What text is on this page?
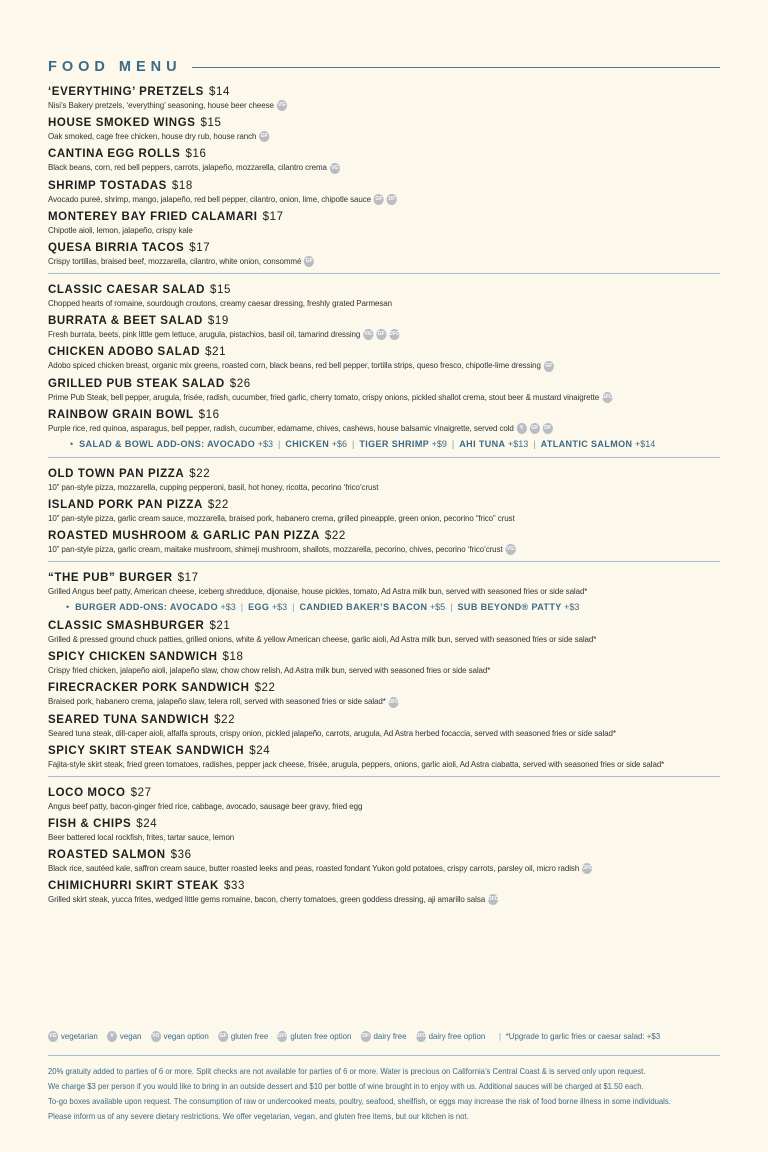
FOOD MENU
‘EVERYTHING’ PRETZELS $14
Nisi’s Bakery pretzels, ‘everything’ seasoning, house beer cheese VG
HOUSE SMOKED WINGS $15
Oak smoked, cage free chicken, house dry rub, house ranch GF
CANTINA EGG ROLLS $16
Black beans, corn, red bell peppers, carrots, jalapeño, mozzarella, cilantro crema VG
SHRIMP TOSTADAS $18
Avocado pureé, shrimp, mango, jalapeño, red bell pepper, cilantro, onion, lime, chipotle sauce GF DF
MONTEREY BAY FRIED CALAMARI $17
Chipotle aioli, lemon, jalapeño, crispy kale
QUESA BIRRIA TACOS $17
Crispy tortillas, braised beef, mozzarella, cilantro, white onion, consommé GF
CLASSIC CAESAR SALAD $15
Chopped hearts of romaine, sourdough croutons, creamy caesar dressing, freshly grated Parmesan
BURRATA & BEET SALAD $19
Fresh burrata, beets, pink little gem lettuce, arugula, pistachios, basil oil, tamarind dressing VG GF DFO
CHICKEN ADOBO SALAD $21
Adobo spiced chicken breast, organic mix greens, roasted corn, black beans, red bell pepper, tortilla strips, queso fresco, chipotle-lime dressing GF
GRILLED PUB STEAK SALAD $26
Prime Pub Steak, bell pepper, arugula, frisée, radish, cucumber, fried garlic, cherry tomato, crispy onions, pickled shallot crema, stout beer & mustard vinaigrette GFO
RAINBOW GRAIN BOWL $16
Purple rice, red quinoa, asparagus, bell pepper, radish, cucumber, edamame, chives, cashews, house balsamic vinaigrette, served cold V GF DF
• SALAD & BOWL ADD-ONS: AVOCADO +$3 | CHICKEN +$6 | TIGER SHRIMP +$9 | AHI TUNA +$13 | ATLANTIC SALMON +$14
OLD TOWN PAN PIZZA $22
10” pan-style pizza, mozzarella, cupping pepperoni, basil, hot honey, ricotta, pecorino ‘frico’crust
ISLAND PORK PAN PIZZA $22
10” pan-style pizza, garlic cream sauce, mozzarella, braised pork, habanero crema, grilled pineapple, green onion, pecorino “frico” crust
ROASTED MUSHROOM & GARLIC PAN PIZZA $22
10” pan-style pizza, garlic cream, maitake mushroom, shimeji mushroom, shallots, mozzarella, pecorino, chives, pecorino ‘frico’crust VG
“THE PUB” BURGER $17
Grilled Angus beef patty, American cheese, iceberg shredduce, dijonaise, house pickles, tomato, Ad Astra milk bun, served with seasoned fries or side salad*
• BURGER ADD-ONS: AVOCADO +$3 | EGG +$3 | CANDIED BAKER’S BACON +$5 | SUB BEYOND® PATTY +$3
CLASSIC SMASHBURGER $21
Grilled & pressed ground chuck patties, grilled onions, white & yellow American cheese, garlic aioli, Ad Astra milk bun, served with seasoned fries or side salad*
SPICY CHICKEN SANDWICH $18
Crispy fried chicken, jalapeño aioli, jalapeño slaw, chow chow relish, Ad Astra milk bun, served with seasoned fries or side salad*
FIRECRACKER PORK SANDWICH $22
Braised pork, habanero crema, jalapeño slaw, telera roll, served with seasoned fries or side salad* DFO
SEARED TUNA SANDWICH $22
Seared tuna steak, dill-caper aioli, alfalfa sprouts, crispy onion, pickled jalapeño, carrots, arugula, Ad Astra herbed focaccia, served with seasoned fries or side salad*
SPICY SKIRT STEAK SANDWICH $24
Fajita-style skirt steak, fried green tomatoes, radishes, pepper jack cheese, frisée, arugula, peppers, onions, garlic aioli, Ad Astra ciabatta, served with seasoned fries or side salad*
LOCO MOCO $27
Angus beef patty, bacon-ginger fried rice, cabbage, avocado, sausage beer gravy, fried egg
FISH & CHIPS $24
Beer battered local rockfish, frites, tartar sauce, lemon
ROASTED SALMON $36
Black rice, sautéed kale, saffron cream sauce, butter roasted leeks and peas, roasted fondant Yukon gold potatoes, crispy carrots, parsley oil, micro radish GFO
CHIMICHURRI SKIRT STEAK $33
Grilled skirt steak, yucca frites, wedged little gems romaine, bacon, cherry tomatoes, green goddess dressing, aji amarillo salsa DFO
VG vegetarian V vegan VO vegan option GF gluten free GFO gluten free option DF dairy free DFO dairy free option | *Upgrade to garlic fries or caesar salad: +$3
20% gratuity added to parties of 6 or more. Split checks are not available for parties of 6 or more. Water is precious on California’s Central Coast & is served only upon request.
We charge $3 per person if you would like to bring in an outside dessert and $10 per bottle of wine brought in to enjoy with us. Additional sauces will be charged at $1.50 each.
To-go boxes available upon request. The consumption of raw or undercooked meats, poultry, seafood, shellfish, or eggs may increase the risk of food borne illness in some individuals.
Please inform us of any severe dietary restrictions. We offer vegetarian, vegan, and gluten free items, but our kitchen is not.
